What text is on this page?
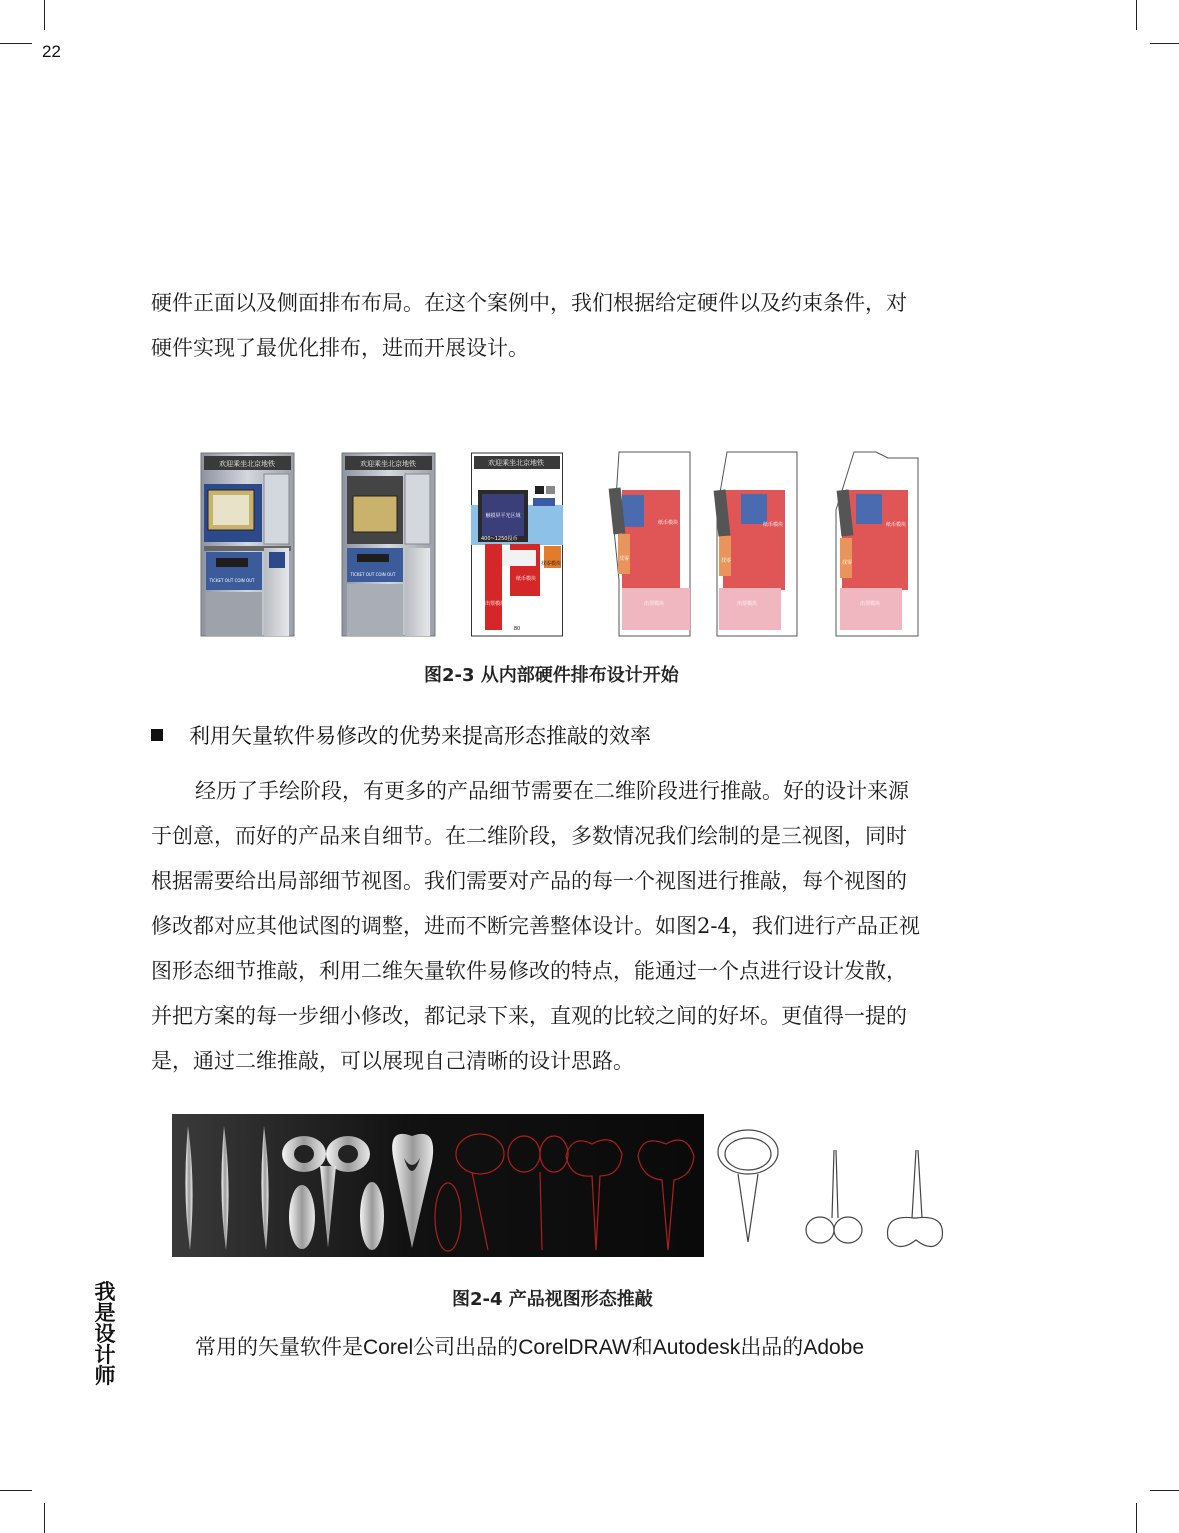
22

硬件正面以及侧面排布布局。在这个案例中，我们根据给定硬件以及约束条件，对
硬件实现了最优化排布，进而开展设计。

欢迎乘坐北京地铁
TICKET OUT COIN OUT
欢迎乘坐北京地铁
TICKET OUT COIN OUT
欢迎乘坐北京地铁
触摸屏平光区域
400~1250投币
找零模块
纸币模块
出票模块
80
纸币模块
出票模块
找零
纸币模块
出票模块
找零
纸币模块
出票模块
找零
图2-3 从内部硬件排布设计开始
利用矢量软件易修改的优势来提高形态推敲的效率

经历了手绘阶段，有更多的产品细节需要在二维阶段进行推敲。好的设计来源
于创意，而好的产品来自细节。在二维阶段，多数情况我们绘制的是三视图，同时
根据需要给出局部细节视图。我们需要对产品的每一个视图进行推敲，每个视图的
修改都对应其他试图的调整，进而不断完善整体设计。如图2-4，我们进行产品正视
图形态细节推敲，利用二维矢量软件易修改的特点，能通过一个点进行设计发散，
并把方案的每一步细小修改，都记录下来，直观的比较之间的好坏。更值得一提的
是，通过二维推敲，可以展现自己清晰的设计思路。

图2-4 产品视图形态推敲

常用的矢量软件是Corel公司出品的CorelDRAW和Autodesk出品的Adobe

我
是
设
计
师
